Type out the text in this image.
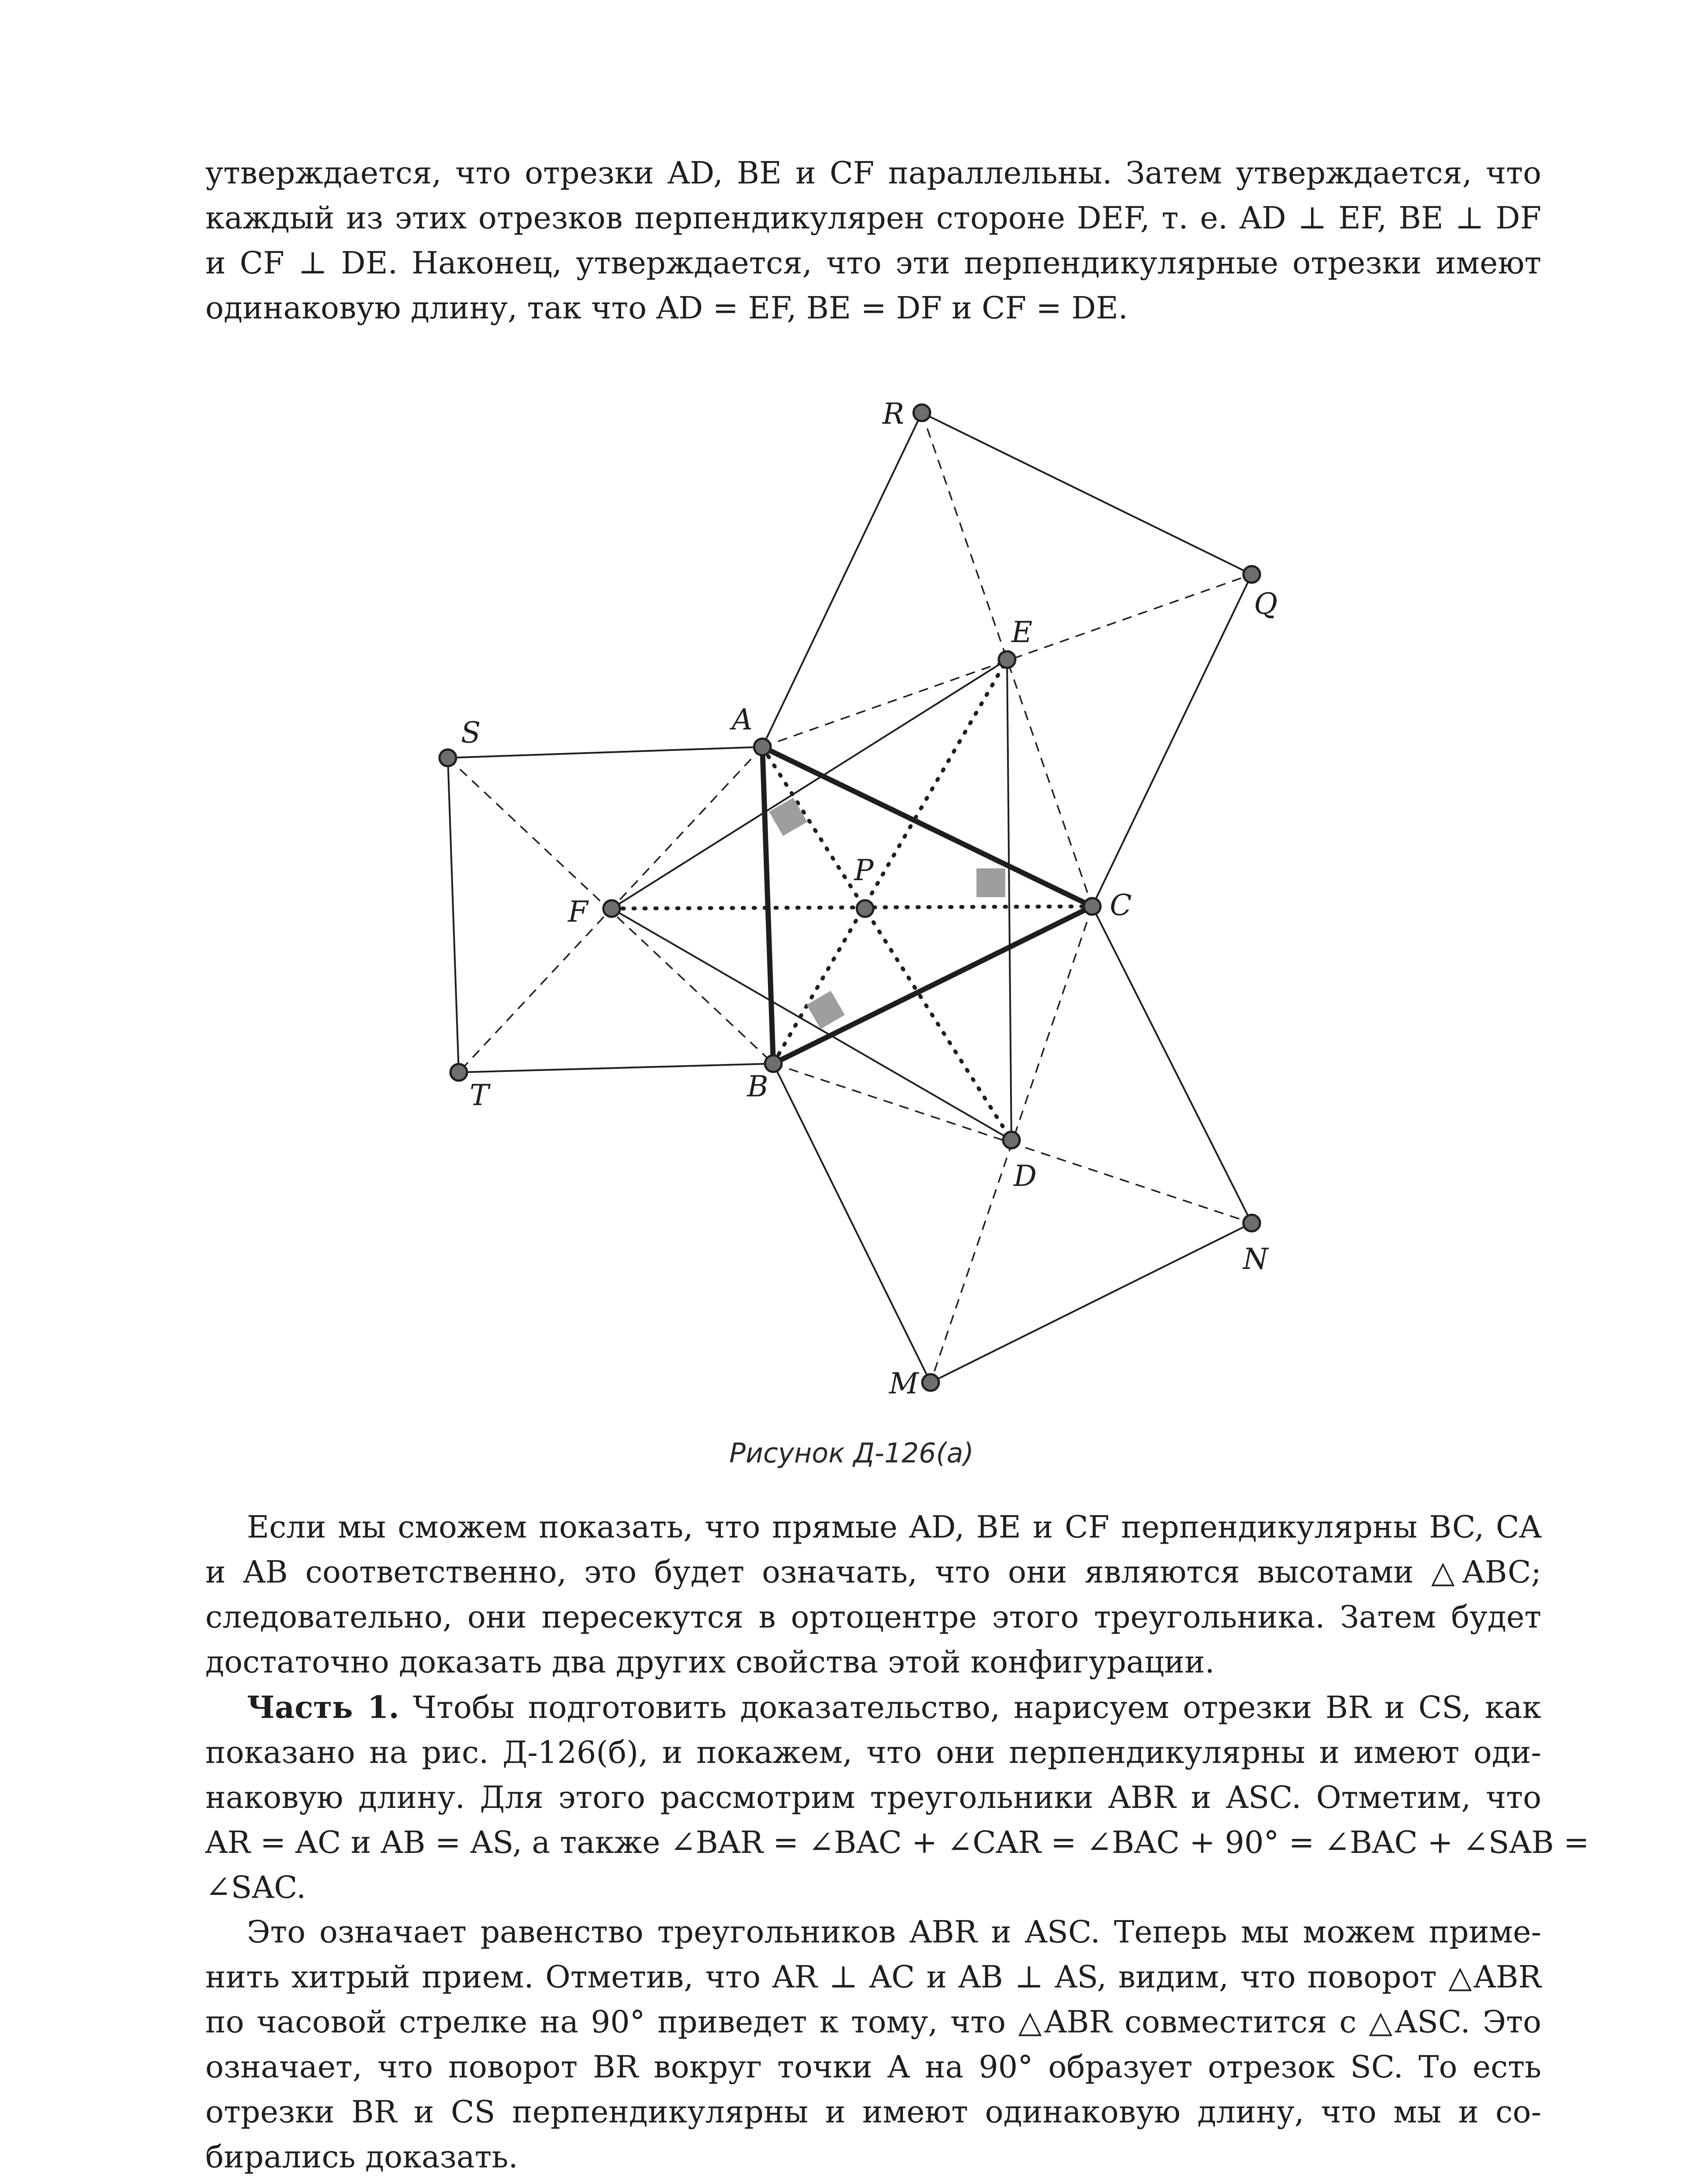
утверждается, что отрезки AD, BE и CF параллельны. Затем утверждается, что
каждый из этих отрезков перпендикулярен стороне DEF, т. е. AD ⊥ EF, BE ⊥ DF
и CF ⊥ DE. Наконец, утверждается, что эти перпендикулярные отрезки имеют
одинаковую длину, так что AD = EF, BE = DF и CF = DE.
R
Q
E
S	A
P
C
F
T	B
D
N
M
Рисунок Д-126(а)
Если мы сможем показать, что прямые AD, BE и CF перпендикулярны BC, CA
и AB соответственно, это будет означать, что они являются высотами △ABC;
следовательно, они пересекутся в ортоцентре этого треугольника. Затем будет
достаточно доказать два других свойства этой конфигурации.
Часть 1. Чтобы подготовить доказательство, нарисуем отрезки BR и CS, как
показано на рис. Д-126(б), и покажем, что они перпендикулярны и имеют оди-
наковую длину. Для этого рассмотрим треугольники ABR и ASC. Отметим, что
AR = AC и AB = AS, а также ∠BAR = ∠BAC + ∠CAR = ∠BAC + 90° = ∠BAC + ∠SAB =
∠SAC.
Это означает равенство треугольников ABR и ASC. Теперь мы можем приме-
нить хитрый прием. Отметив, что AR ⊥ AC и AB ⊥ AS, видим, что поворот △ABR
по часовой стрелке на 90° приведет к тому, что △ABR совместится с △ASC. Это
означает, что поворот BR вокруг точки A на 90° образует отрезок SC. То есть
отрезки BR и CS перпендикулярны и имеют одинаковую длину, что мы и со-
бирались доказать.
